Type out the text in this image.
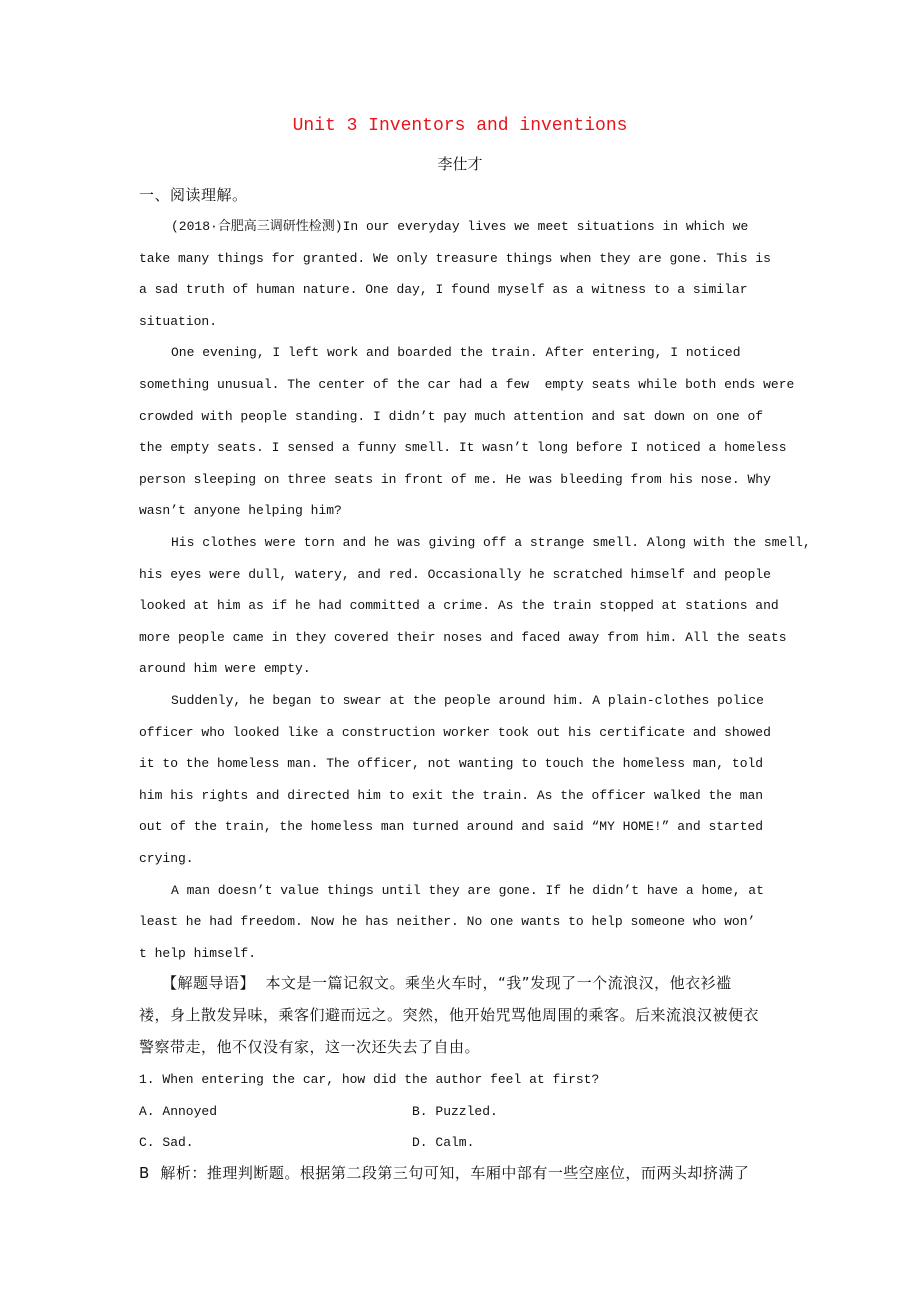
Unit 3 Inventors and inventions
李仕才
一、阅读理解。
(2018·合肥高三调研性检测)In our everyday lives we meet situations in which we
take many things for granted. We only treasure things when they are gone. This is
a sad truth of human nature. One day, I found myself as a witness to a similar
situation.
One evening, I left work and boarded the train. After entering, I noticed
something unusual. The center of the car had a few  empty seats while both ends were
crowded with people standing. I didn’t pay much attention and sat down on one of
the empty seats. I sensed a funny smell. It wasn’t long before I noticed a homeless
person sleeping on three seats in front of me. He was bleeding from his nose. Why
wasn’t anyone helping him?
His clothes were torn and he was giving off a strange smell. Along with the smell,
his eyes were dull, watery, and red. Occasionally he scratched himself and people
looked at him as if he had committed a crime. As the train stopped at stations and
more people came in they covered their noses and faced away from him. All the seats
around him were empty.
Suddenly, he began to swear at the people around him. A plain-clothes police
officer who looked like a construction worker took out his certificate and showed
it to the homeless man. The officer, not wanting to touch the homeless man, told
him his rights and directed him to exit the train. As the officer walked the man
out of the train, the homeless man turned around and said “MY HOME!” and started
crying.
A man doesn’t value things until they are gone. If he didn’t have a home, at
least he had freedom. Now he has neither. No one wants to help someone who won’
t help himself.
【解题导语】  本文是一篇记叙文。乘坐火车时，“我”发现了一个流浪汉，他衣衫褴
褛，身上散发异味，乘客们避而远之。突然，他开始咒骂他周围的乘客。后来流浪汉被便衣
警察带走，他不仅没有家，这一次还失去了自由。
1. When entering the car, how did the author feel at first?
A. Annoyed	B. Puzzled.
C. Sad.	D. Calm.
B  解析：推理判断题。根据第二段第三句可知，车厢中部有一些空座位，而两头却挤满了
